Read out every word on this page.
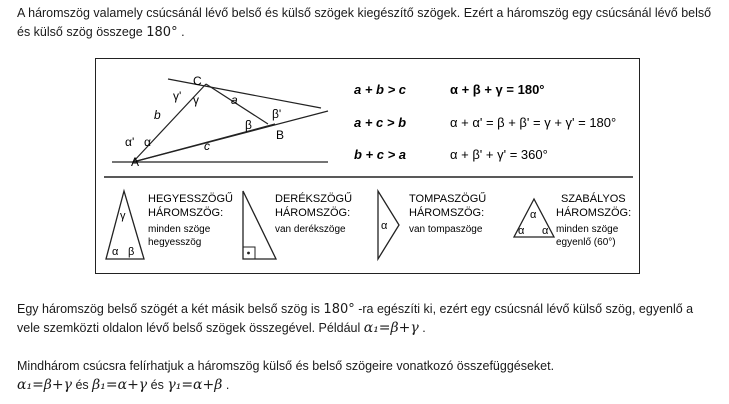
A háromszög valamely csúcsánál lévő belső és külső szögek kiegészítő szögek. Ezért a háromszög egy csúcsánál lévő belső és külső szög összege 180° .

C
A
B
a
b
c
α
α'
β
β'
γ
γ'	a + b > c
a + c > b
b + c > a
α + β + γ = 180°
α + α' = β + β' = γ + γ' = 180°
α + β' + γ' = 360°
γ
α β
HEGYESSZÖGŰ
HÁROMSZÖG:
minden szöge
hegyesszög
DERÉKSZÖGŰ
HÁROMSZÖG:
van derékszöge	α
TOMPASZÖGŰ
HÁROMSZÖG:
van tompaszöge
α
α α
SZABÁLYOS
HÁROMSZÖG:
minden szöge
egyenlő (60°)

Egy háromszög belső szögét a két másik belső szög is 180° -ra egészíti ki, ezért egy csúcsnál lévő külső szög, egyenlő a vele szemközti oldalon lévő belső szögek összegével. Például α₁=β+γ .

Mindhárom csúcsra felírhatjuk a háromszög külső és belső szögeire vonatkozó összefüggéseket.
α₁=β+γ és β₁=α+γ és γ₁=α+β .
